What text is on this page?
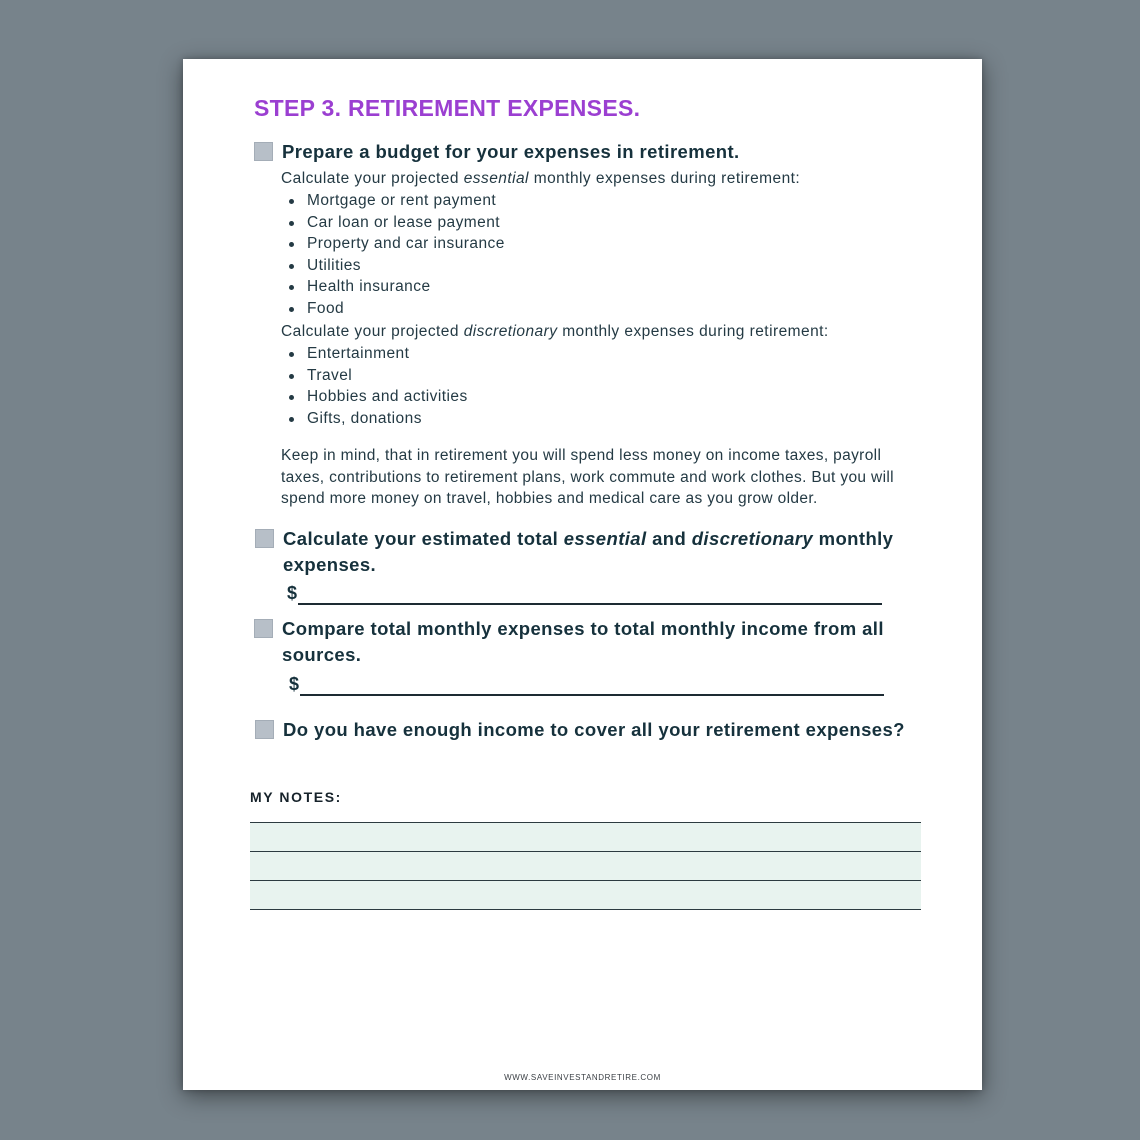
STEP 3. RETIREMENT EXPENSES.

Prepare a budget for your expenses in retirement.

Calculate your projected essential monthly expenses during retirement:

Mortgage or rent payment
Car loan or lease payment
Property and car insurance
Utilities
Health insurance
Food

Calculate your projected discretionary monthly expenses during retirement:

Entertainment
Travel
Hobbies and activities
Gifts, donations

Keep in mind, that in retirement you will spend less money on income taxes, payroll taxes, contributions to retirement plans, work commute and work clothes. But you will spend more money on travel, hobbies and medical care as you grow older.

Calculate your estimated total essential and discretionary monthly expenses.

$

Compare total monthly expenses to total monthly income from all sources.

$

Do you have enough income to cover all your retirement expenses?

MY NOTES:

WWW.SAVEINVESTANDRETIRE.COM
